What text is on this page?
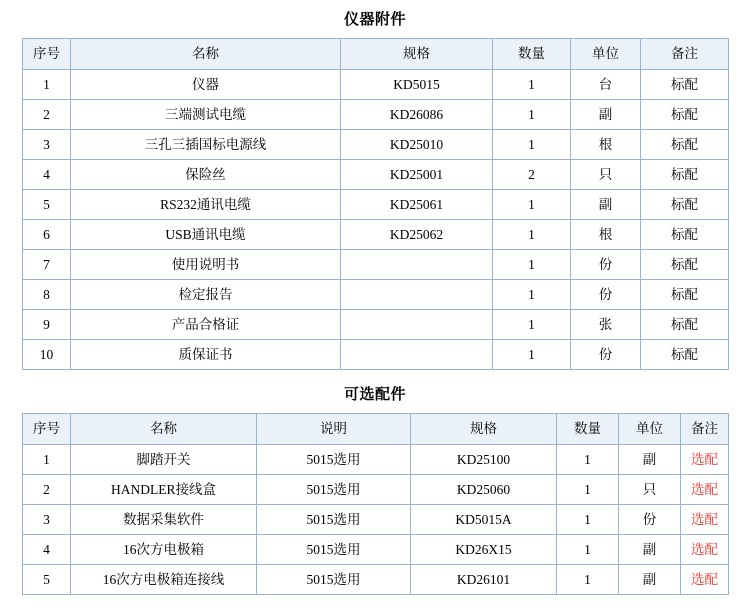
仪器附件
序号	名称	规格	数量	单位	备注
1	仪器	KD5015	1	台	标配
2	三端测试电缆	KD26086	1	副	标配
3	三孔三插国标电源线	KD25010	1	根	标配
4	保险丝	KD25001	2	只	标配
5	RS232通讯电缆	KD25061	1	副	标配
6	USB通讯电缆	KD25062	1	根	标配
7	使用说明书		1	份	标配
8	检定报告		1	份	标配
9	产品合格证		1	张	标配
10	质保证书		1	份	标配
可选配件
序号	名称	说明	规格	数量	单位	备注
1	脚踏开关	5015选用	KD25100	1	副	选配
2	HANDLER接线盒	5015选用	KD25060	1	只	选配
3	数据采集软件	5015选用	KD5015A	1	份	选配
4	16次方电极箱	5015选用	KD26X15	1	副	选配
5	16次方电极箱连接线	5015选用	KD26101	1	副	选配
